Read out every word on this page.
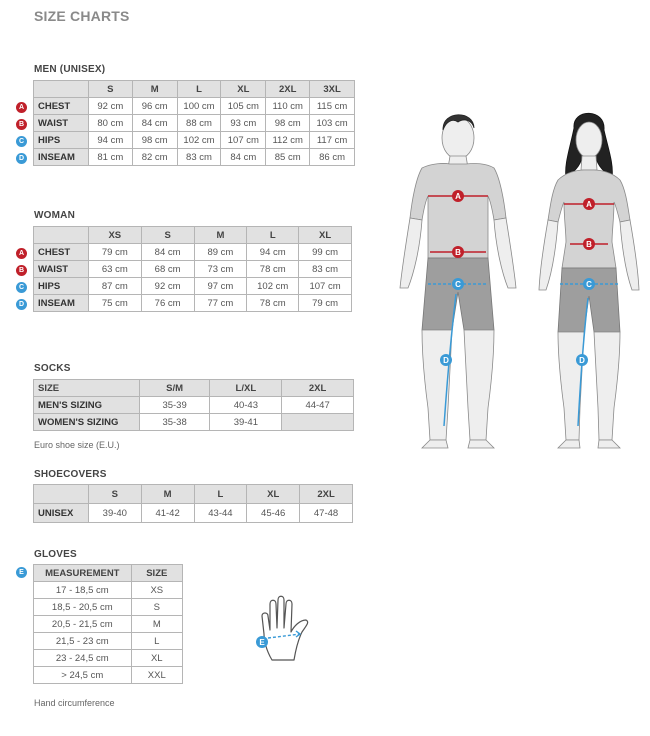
SIZE CHARTS
MEN (UNISEX)
	S	M	L	XL	2XL	3XL
CHEST	92 cm	96 cm	100 cm	105 cm	110 cm	115 cm
WAIST	80 cm	84 cm	88 cm	93 cm	98 cm	103 cm
HIPS	94 cm	98 cm	102 cm	107 cm	112 cm	117 cm
INSEAM	81 cm	82 cm	83 cm	84 cm	85 cm	86 cm
A
B
C
D
WOMAN
	XS	S	M	L	XL
CHEST	79 cm	84 cm	89 cm	94 cm	99 cm
WAIST	63 cm	68 cm	73 cm	78 cm	83 cm
HIPS	87 cm	92 cm	97 cm	102 cm	107 cm
INSEAM	75 cm	76 cm	77 cm	78 cm	79 cm
A
B
C
D
SOCKS
SIZE	S/M	L/XL	2XL
MEN'S SIZING	35-39	40-43	44-47
WOMEN'S SIZING	35-38	39-41	
Euro shoe size (E.U.)
SHOECOVERS
	S	M	L	XL	2XL
UNISEX	39-40	41-42	43-44	45-46	47-48
GLOVES
E	MEASUREMENT	SIZE
17 - 18,5 cm	XS
18,5 - 20,5 cm	S
20,5 - 21,5 cm	M
21,5 - 23 cm	L
23 - 24,5 cm	XL
> 24,5 cm	XXL
Hand circumference
A
B
C
D
A
B
C
D
E
